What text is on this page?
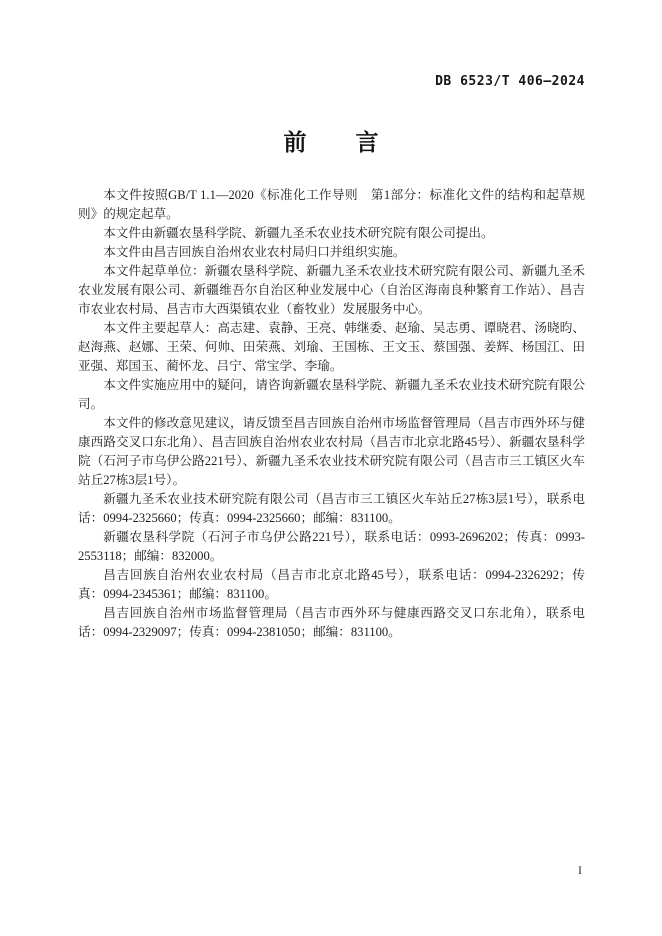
DB 6523/T 406—2024
前　　言

本文件按照GB/T 1.1—2020《标准化工作导则　第1部分：标准化文件的结构和起草规则》的规定起草。

本文件由新疆农垦科学院、新疆九圣禾农业技术研究院有限公司提出。

本文件由昌吉回族自治州农业农村局归口并组织实施。

本文件起草单位：新疆农垦科学院、新疆九圣禾农业技术研究院有限公司、新疆九圣禾农业发展有限公司、新疆维吾尔自治区种业发展中心（自治区海南良种繁育工作站）、昌吉市农业农村局、昌吉市大西渠镇农业（畜牧业）发展服务中心。

本文件主要起草人：高志建、袁静、王亮、韩继委、赵瑜、吴志勇、谭晓君、汤晓昀、赵海燕、赵娜、王荣、何帅、田荣燕、刘瑜、王国栋、王文玉、蔡国强、姜辉、杨国江、田亚强、郑国玉、蔺怀龙、吕宁、常宝学、李瑜。

本文件实施应用中的疑问，请咨询新疆农垦科学院、新疆九圣禾农业技术研究院有限公司。

本文件的修改意见建议，请反馈至昌吉回族自治州市场监督管理局（昌吉市西外环与健康西路交叉口东北角）、昌吉回族自治州农业农村局（昌吉市北京北路45号）、新疆农垦科学院（石河子市乌伊公路221号）、新疆九圣禾农业技术研究院有限公司（昌吉市三工镇区火车站丘27栋3层1号）。

新疆九圣禾农业技术研究院有限公司（昌吉市三工镇区火车站丘27栋3层1号），联系电话：0994-2325660；传真：0994-2325660；邮编：831100。

新疆农垦科学院（石河子市乌伊公路221号），联系电话：0993-2696202；传真：0993-2553118；邮编：832000。

昌吉回族自治州农业农村局（昌吉市北京北路45号），联系电话：0994-2326292；传真：0994-2345361；邮编：831100。

昌吉回族自治州市场监督管理局（昌吉市西外环与健康西路交叉口东北角），联系电话：0994-2329097；传真：0994-2381050；邮编：831100。

I
